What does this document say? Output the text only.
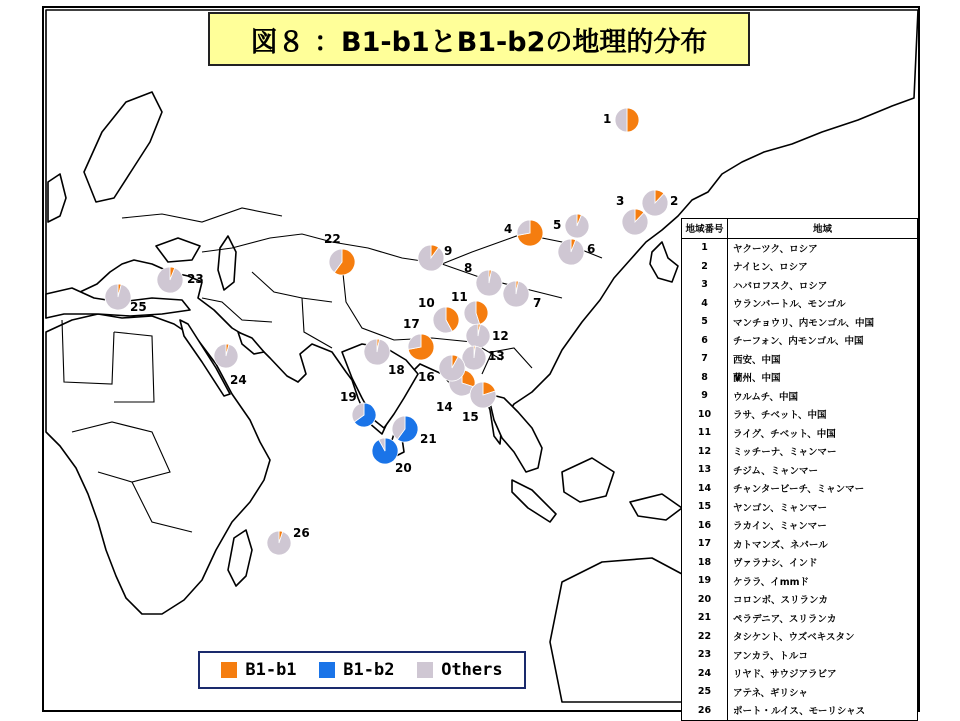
1
2
3
4	5
6
7
8
9
10 11
12
13
14
15
16
17
18
19
20
21
22
23
24
25
26
図８ ：B1-b1とB1-b2の地理的分布
B1-b1	B1-b2	Others
地域番号	地域
1	ヤクーツク、ロシア
2	ナイヒン、ロシア
3	ハバロフスク、ロシア
4	ウランバートル、モンゴル
5	マンチョウリ、内モンゴル、中国
6	チーフォン、内モンゴル、中国
7	西安、中国
8	蘭州、中国
9	ウルムチ、中国
10	ラサ、チベット、中国
11	ライグ、チベット、中国
12	ミッチーナ、ミャンマー
13	チジム、ミャンマー
14	チャンタービーチ、ミャンマー
15	ヤンゴン、ミャンマー
16	ラカイン、ミャンマー
17	カトマンズ、ネパール
18	ヴァラナシ、インド
19	ケララ、イmmド
20	コロンボ、スリランカ
21	ペラデニア、スリランカ
22	タシケント、ウズベキスタン
23	アンカラ、トルコ
24	リヤド、サウジアラビア
25	アテネ、ギリシャ
26	ポート・ルイス、モーリシャス
